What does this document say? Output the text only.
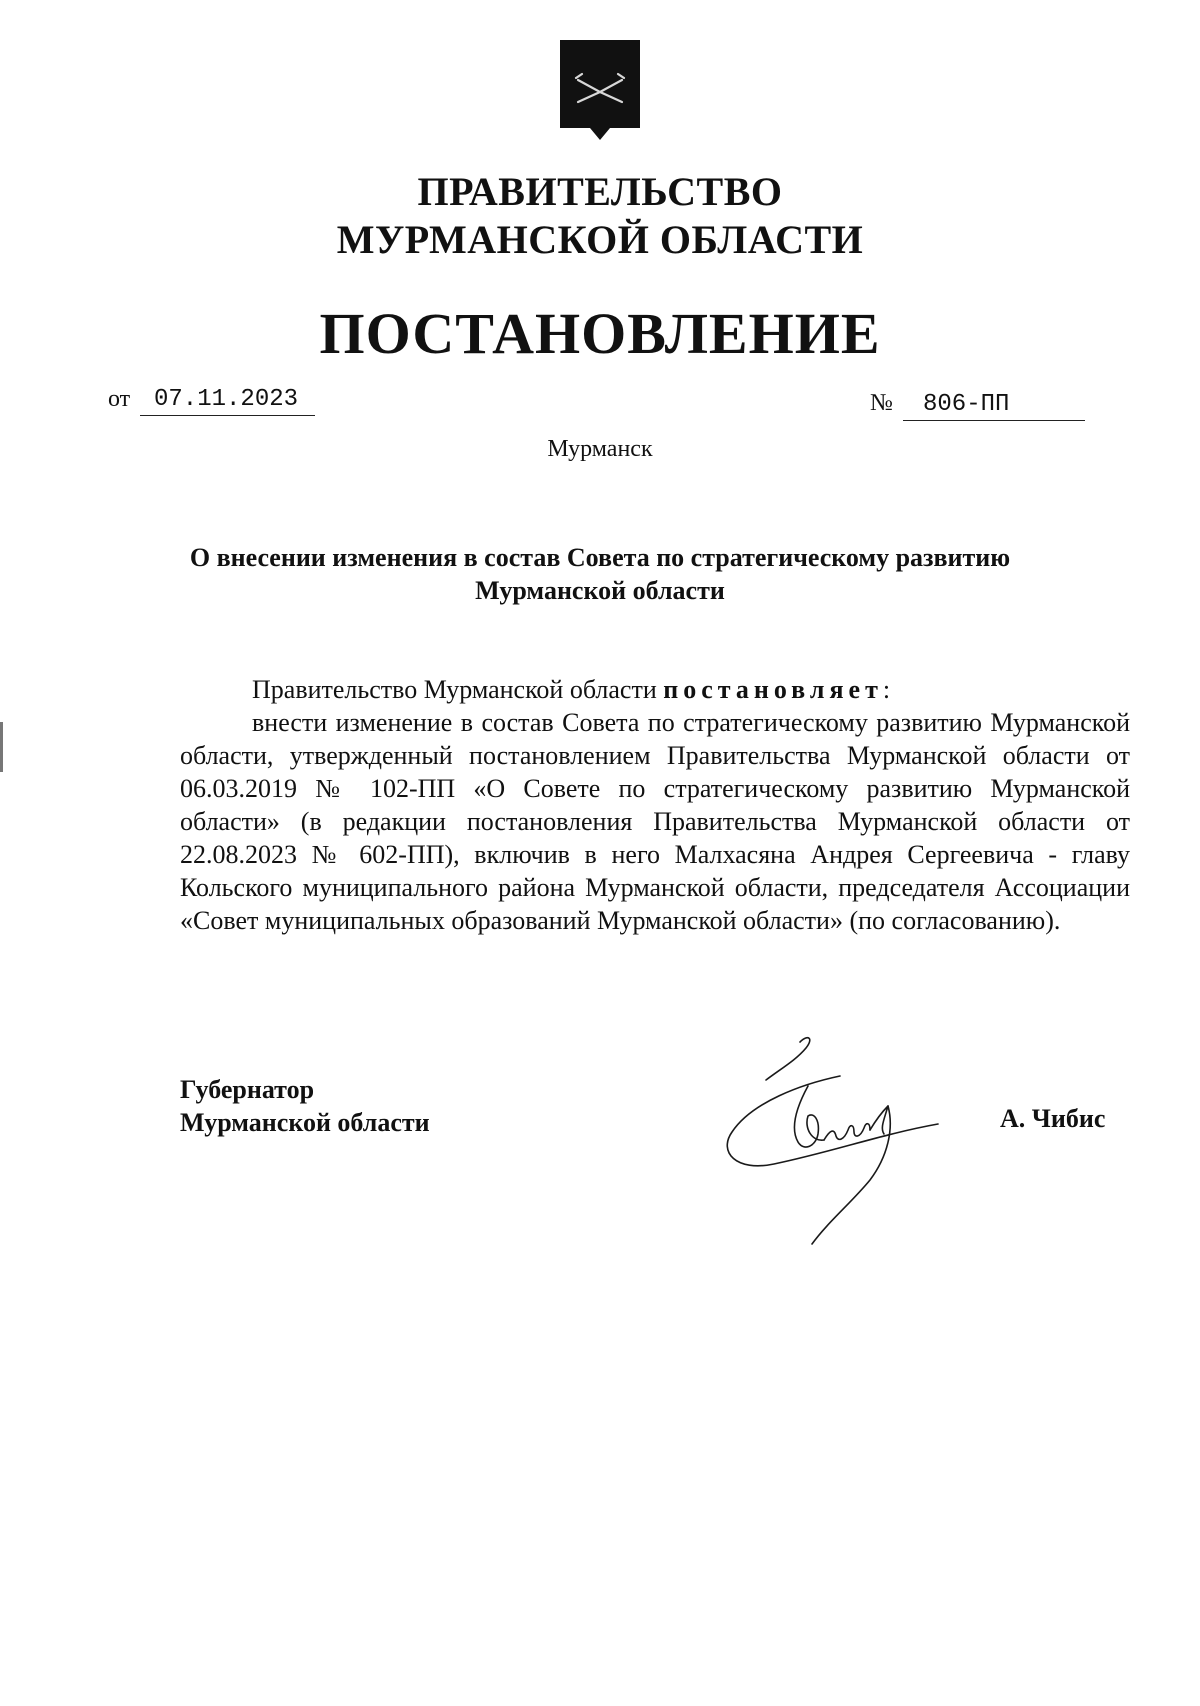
ПРАВИТЕЛЬСТВО
МУРМАНСКОЙ ОБЛАСТИ
ПОСТАНОВЛЕНИЕ
от 07.11.2023	№	806-ПП
Мурманск
О внесении изменения в состав Совета по стратегическому развитию
Мурманской области

Правительство Мурманской области постановляет:

внести изменение в состав Совета по стратегическому развитию Мурманской области, утвержденный постановлением Правительства Мурманской области от 06.03.2019 № 102-ПП «О Совете по стратегическому развитию Мурманской области» (в редакции постановления Правительства Мурманской области от 22.08.2023 № 602-ПП), включив в него Малхасяна Андрея Сергеевича - главу Кольского муниципального района Мурманской области, председателя Ассоциации «Совет муниципальных образований Мурманской области» (по согласованию).

Губернатор
Мурманской области	А. Чибис
